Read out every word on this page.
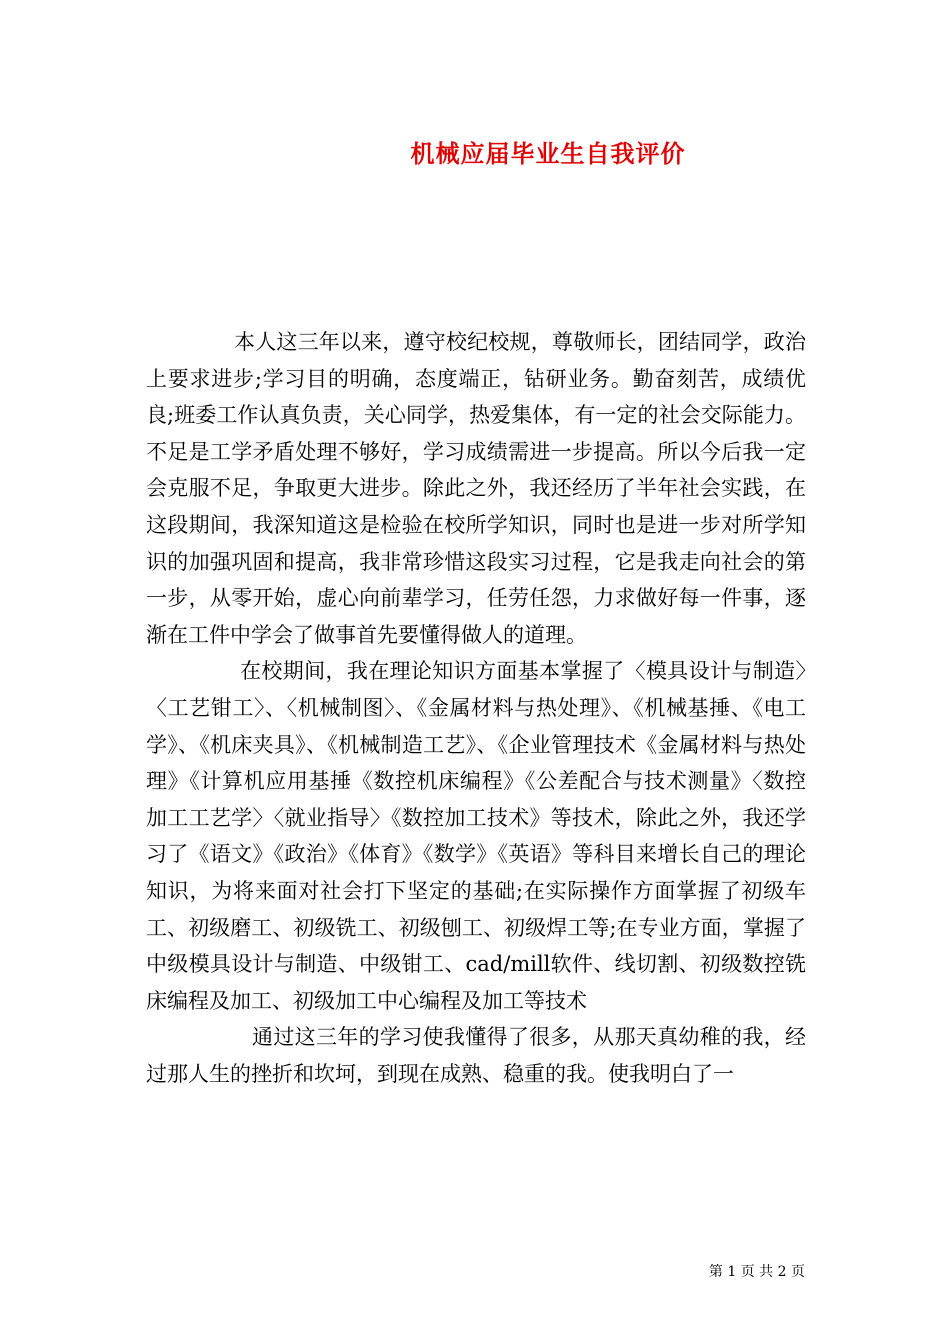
机械应届毕业生自我评价

本人这三年以来，遵守校纪校规，尊敬师长，团结同学，政治上要求进步;学习目的明确，态度端正，钻研业务。勤奋刻苦，成绩优良;班委工作认真负责，关心同学，热爱集体，有一定的社会交际能力。不足是工学矛盾处理不够好，学习成绩需进一步提高。所以今后我一定会克服不足，争取更大进步。除此之外，我还经历了半年社会实践，在这段期间，我深知道这是检验在校所学知识，同时也是进一步对所学知识的加强巩固和提高，我非常珍惜这段实习过程，它是我走向社会的第一步，从零开始，虚心向前辈学习，任劳任怨，力求做好每一件事，逐渐在工件中学会了做事首先要懂得做人的道理。

在校期间，我在理论知识方面基本掌握了〈模具设计与制造〉〈工艺钳工〉、〈机械制图〉、《金属材料与热处理》、《机械基捶、《电工学》、《机床夹具》、《机械制造工艺》、《企业管理技术《金属材料与热处理》《计算机应用基捶《数控机床编程》《公差配合与技术测量》〈数控加工工艺学〉〈就业指导〉《数控加工技术》等技术，除此之外，我还学习了《语文》《政治》《体育》《数学》《英语》等科目来增长自己的理论知识，为将来面对社会打下坚定的基础;在实际操作方面掌握了初级车工、初级磨工、初级铣工、初级刨工、初级焊工等;在专业方面，掌握了中级模具设计与制造、中级钳工、cad/mill软件、线切割、初级数控铣床编程及加工、初级加工中心编程及加工等技术

通过这三年的学习使我懂得了很多，从那天真幼稚的我，经过那人生的挫折和坎坷，到现在成熟、稳重的我。使我明白了一

第 1 页 共 2 页
